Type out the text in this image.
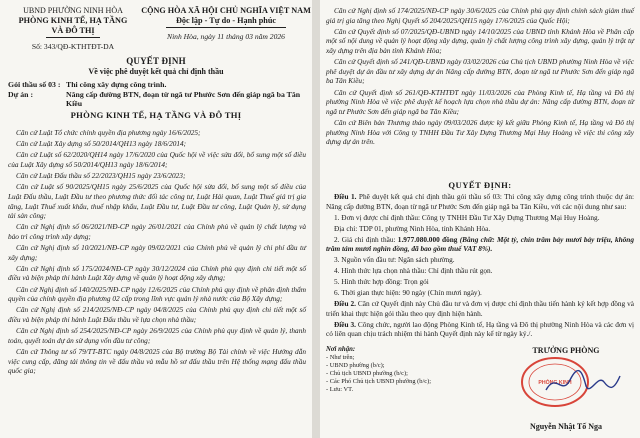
UBND PHƯỜNG NINH HÒA
PHÒNG KINH TẾ, HẠ TẦNG
VÀ ĐÔ THỊ
Số: 343/QĐ-KTHTĐT-DA
CỘNG HÒA XÃ HỘI CHỦ NGHĨA VIỆT NAM
Độc lập - Tự do - Hạnh phúc
Ninh Hòa, ngày 11 tháng 03 năm 2026
QUYẾT ĐỊNH
Về việc phê duyệt kết quả chỉ định thầu
Gói thầu số 03 : Thi công xây dựng công trình.
Dự án :	Nâng cấp đường BTN, đoạn từ ngã tư Phước Sơn đến giáp ngã ba Tân Kiều
PHÒNG KINH TẾ, HẠ TẦNG VÀ ĐÔ THỊ

Căn cứ Luật Tổ chức chính quyền địa phương ngày 16/6/2025;

Căn cứ Luật Xây dựng số 50/2014/QH13 ngày 18/6/2014;

Căn cứ Luật số 62/2020/QH14 ngày 17/6/2020 của Quốc hội về việc sửa đổi, bổ sung một số điều của Luật Xây dựng số 50/2014/QH13 ngày 18/6/2014;

Căn cứ Luật Đấu thầu số 22/2023/QH15 ngày 23/6/2023;

Căn cứ Luật số 90/2025/QH15 ngày 25/6/2025 của Quốc hội sửa đổi, bổ sung một số điều của Luật Đấu thầu, Luật Đầu tư theo phương thức đối tác công tư, Luật Hải quan, Luật Thuế giá trị gia tăng, Luật Thuế xuất khẩu, thuế nhập khẩu, Luật Đầu tư, Luật Đầu tư công, Luật Quản lý, sử dụng tài sản công;

Căn cứ Nghị định số 06/2021/NĐ-CP ngày 26/01/2021 của Chính phủ về quản lý chất lượng và bảo trì công trình xây dựng;

Căn cứ Nghị định số 10/2021/NĐ-CP ngày 09/02/2021 của Chính phủ về quản lý chi phí đầu tư xây dựng;

Căn cứ Nghị định số 175/2024/NĐ-CP ngày 30/12/2024 của Chính phủ quy định chi tiết một số điều và biện pháp thi hành Luật Xây dựng về quản lý hoạt động xây dựng;

Căn cứ Nghị định số 140/2025/NĐ-CP ngày 12/6/2025 của Chính phủ quy định về phân định thẩm quyền của chính quyền địa phương 02 cấp trong lĩnh vực quản lý nhà nước của Bộ Xây dựng;

Căn cứ Nghị định số 214/2025/NĐ-CP ngày 04/8/2025 của Chính phủ quy định chi tiết một số điều và biện pháp thi hành Luật Đấu thầu về lựa chọn nhà thầu;

Căn cứ Nghị định số 254/2025/NĐ-CP ngày 26/9/2025 của Chính phủ quy định về quản lý, thanh toán, quyết toán dự án sử dụng vốn đầu tư công;

Căn cứ Thông tư số 79/TT-BTC ngày 04/8/2025 của Bộ trưởng Bộ Tài chính về việc Hướng dẫn việc cung cấp, đăng tải thông tin về đấu thầu và mẫu hồ sơ đấu thầu trên Hệ thống mạng đấu thầu quốc gia;

Căn cứ Nghị định số 174/2025/NĐ-CP ngày 30/6/2025 của Chính phủ quy định chính sách giảm thuế giá trị gia tăng theo Nghị Quyết số 204/2025/QH15 ngày 17/6/2025 của Quốc Hội;

Căn cứ Quyết định số 07/2025/QĐ-UBND ngày 14/10/2025 của UBND tỉnh Khánh Hòa về Phân cấp một số nội dung về quản lý hoạt động xây dựng, quản lý chất lượng công trình xây dựng, quản lý trật tự xây dựng trên địa bàn tỉnh Khánh Hòa;

Căn cứ Quyết định số 241/QĐ-UBND ngày 03/02/2026 của Chủ tịch UBND phường Ninh Hòa về việc phê duyệt dự án đầu tư xây dựng dự án Nâng cấp đường BTN, đoạn từ ngã tư Phước Sơn đến giáp ngã ba Tân Kiều;

Căn cứ Quyết định số 261/QĐ-KTHTĐT ngày 11/03/2026 của Phòng Kinh tế, Hạ tầng và Đô thị phường Ninh Hòa về việc phê duyệt kế hoạch lựa chọn nhà thầu dự án: Nâng cấp đường BTN, đoạn từ ngã tư Phước Sơn đến giáp ngã ba Tân Kiều;

Căn cứ Biên bản Thương thảo ngày 09/03/2026 được ký kết giữa Phòng Kinh tế, Hạ tầng và Đô thị phường Ninh Hòa với Công ty TNHH Đầu Tư Xây Dựng Thương Mại Huy Hoàng về việc thi công xây dựng dự án trên.

QUYẾT ĐỊNH:

Điều 1. Phê duyệt kết quả chỉ định thầu gói thầu số 03: Thi công xây dựng công trình thuộc dự án: Nâng cấp đường BTN, đoạn từ ngã tư Phước Sơn đến giáp ngã ba Tân Kiều, với các nội dung như sau:

1. Đơn vị được chỉ định thầu: Công ty TNHH Đầu Tư Xây Dựng Thương Mại Huy Hoàng.

Địa chỉ: TDP 01, phường Ninh Hòa, tỉnh Khánh Hòa.

2. Giá chỉ định thầu: 1.977.080.000 đồng (Bằng chữ: Một tỷ, chín trăm bảy mươi bảy triệu, không trăm tám mươi nghìn đồng, đã bao gồm thuế VAT 8%).

3. Nguồn vốn đầu tư: Ngân sách phường.

4. Hình thức lựa chọn nhà thầu: Chỉ định thầu rút gọn.

5. Hình thức hợp đồng: Trọn gói

6. Thời gian thực hiện: 90 ngày (Chín mươi ngày).

Điều 2. Căn cứ Quyết định này Chủ đầu tư và đơn vị được chỉ định thầu tiến hành ký kết hợp đồng và triển khai thực hiện gói thầu theo quy định hiện hành.

Điều 3. Công chức, người lao động Phòng Kinh tế, Hạ tầng và Đô thị phường Ninh Hòa và các đơn vị có liên quan chịu trách nhiệm thi hành Quyết định này kể từ ngày ký./.

Nơi nhận:
- Như trên;
- UBND phường (b/c);
- Chủ tịch UBND phường (b/c);
- Các Phó Chủ tịch UBND phường (b/c);
- Lưu: VT.
TRƯỞNG PHÒNG
PHÒNG KINH
Nguyễn Nhật Tố Nga
